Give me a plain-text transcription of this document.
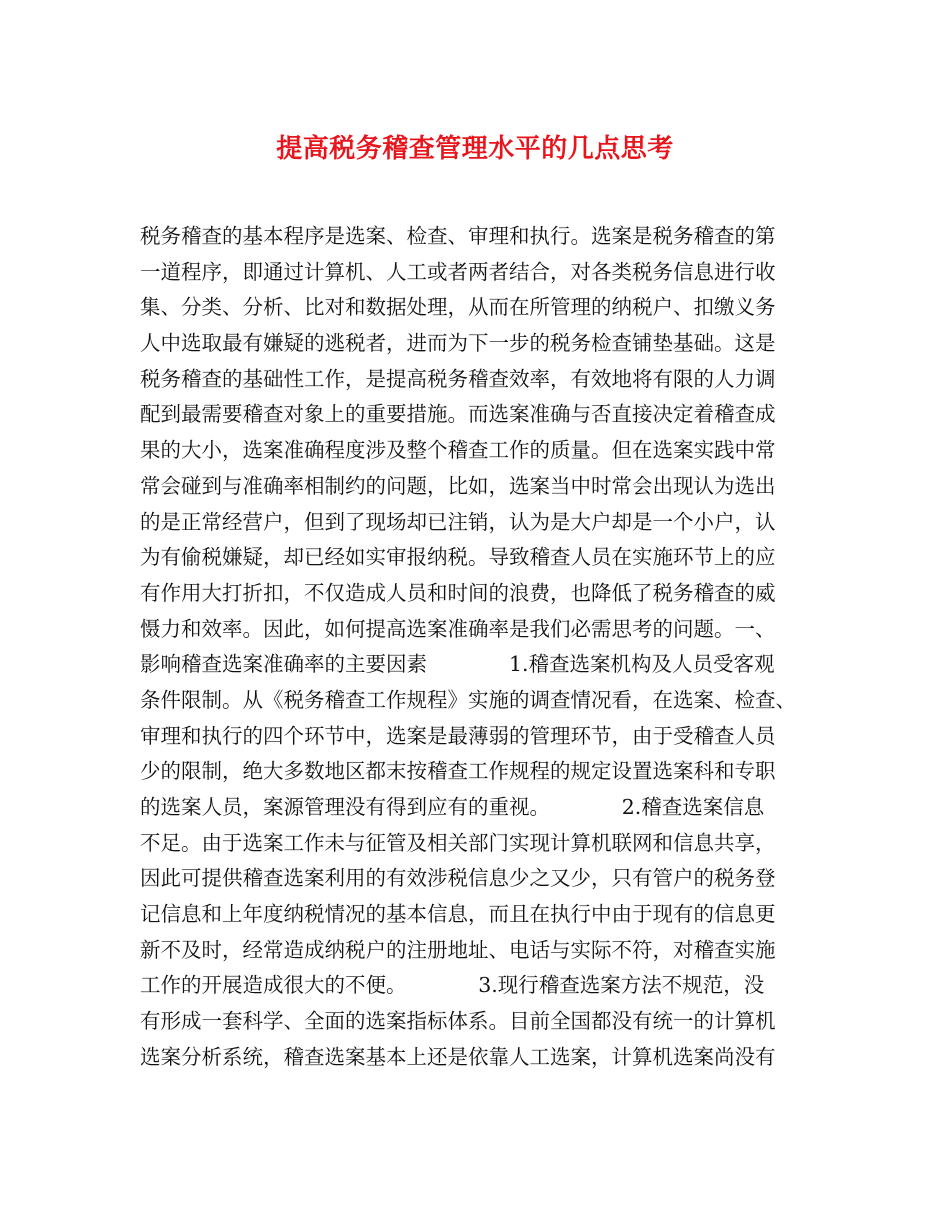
提高税务稽查管理水平的几点思考
税务稽查的基本程序是选案、检查、审理和执行。选案是税务稽查的第
一道程序，即通过计算机、人工或者两者结合，对各类税务信息进行收
集、分类、分析、比对和数据处理，从而在所管理的纳税户、扣缴义务
人中选取最有嫌疑的逃税者，进而为下一步的税务检查铺垫基础。这是
税务稽查的基础性工作，是提高税务稽查效率，有效地将有限的人力调
配到最需要稽查对象上的重要措施。而选案准确与否直接决定着稽查成
果的大小，选案准确程度涉及整个稽查工作的质量。但在选案实践中常
常会碰到与准确率相制约的问题，比如，选案当中时常会出现认为选出
的是正常经营户，但到了现场却已注销，认为是大户却是一个小户，认
为有偷税嫌疑，却已经如实审报纳税。导致稽查人员在实施环节上的应
有作用大打折扣，不仅造成人员和时间的浪费，也降低了税务稽查的威
慑力和效率。因此，如何提高选案准确率是我们必需思考的问题。一、
影响稽查选案准确率的主要因素　　　　1.稽查选案机构及人员受客观
条件限制。从《税务稽查工作规程》实施的调查情况看，在选案、检查、
审理和执行的四个环节中，选案是最薄弱的管理环节，由于受稽查人员
少的限制，绝大多数地区都末按稽查工作规程的规定设置选案科和专职
的选案人员，案源管理没有得到应有的重视。　　　　2.稽查选案信息
不足。由于选案工作未与征管及相关部门实现计算机联网和信息共享，
因此可提供稽查选案利用的有效涉税信息少之又少，只有管户的税务登
记信息和上年度纳税情况的基本信息，而且在执行中由于现有的信息更
新不及时，经常造成纳税户的注册地址、电话与实际不符，对稽查实施
工作的开展造成很大的不便。　　　　3.现行稽查选案方法不规范，没
有形成一套科学、全面的选案指标体系。目前全国都没有统一的计算机
选案分析系统，稽查选案基本上还是依靠人工选案，计算机选案尚没有
